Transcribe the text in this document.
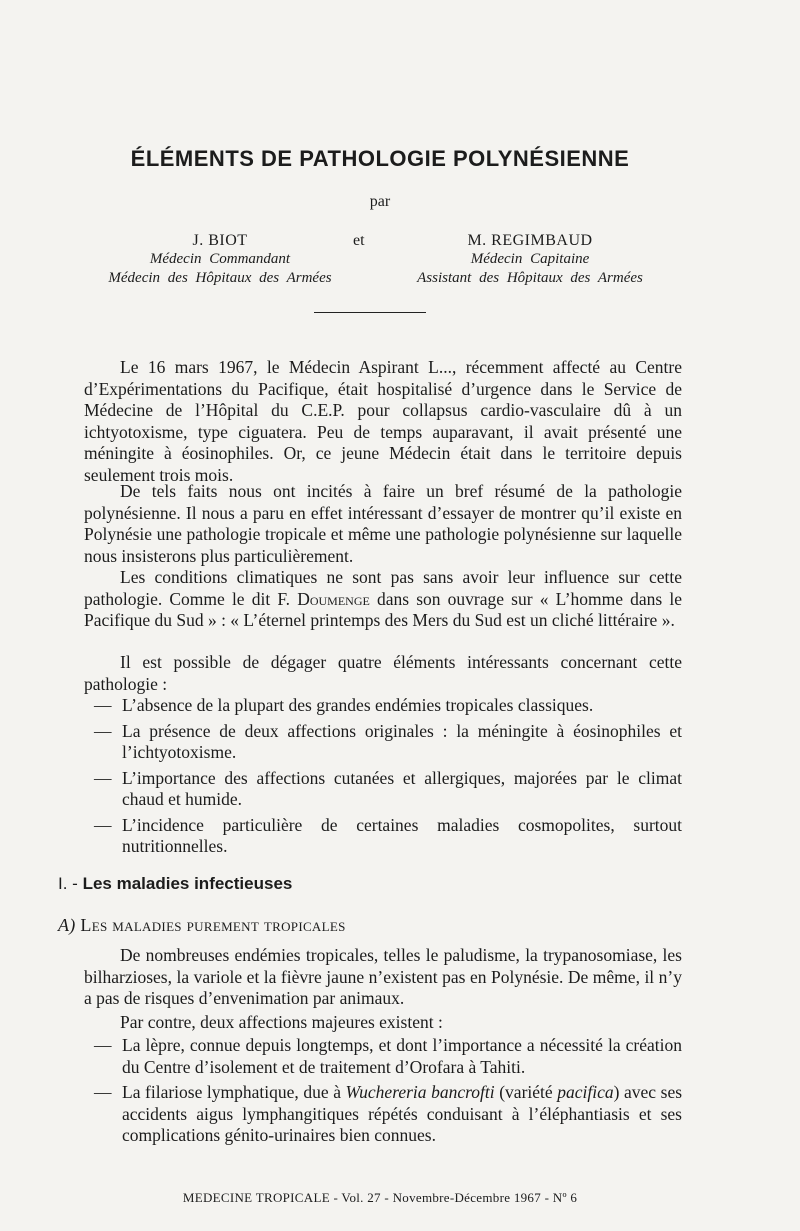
ÉLÉMENTS DE PATHOLOGIE POLYNÉSIENNE
par
J. BIOT
Médecin Commandant
Médecin des Hôpitaux des Armées
et	M. REGIMBAUD
Médecin Capitaine
Assistant des Hôpitaux des Armées

Le 16 mars 1967, le Médecin Aspirant L..., récemment affecté au Centre d’Expérimentations du Pacifique, était hospitalisé d’urgence dans le Service de Médecine de l’Hôpital du C.E.P. pour collapsus cardio-vasculaire dû à un ichtyotoxisme, type ciguatera. Peu de temps auparavant, il avait présenté une méningite à éosinophiles. Or, ce jeune Médecin était dans le territoire depuis seulement trois mois.

De tels faits nous ont incités à faire un bref résumé de la pathologie polynésienne. Il nous a paru en effet intéressant d’essayer de montrer qu’il existe en Polynésie une pathologie tropicale et même une pathologie polynésienne sur laquelle nous insisterons plus particulièrement.

Les conditions climatiques ne sont pas sans avoir leur influence sur cette pathologie. Comme le dit F. Doumenge dans son ouvrage sur « L’homme dans le Pacifique du Sud » : « L’éternel printemps des Mers du Sud est un cliché littéraire ».

Il est possible de dégager quatre éléments intéressants concernant cette pathologie :

— L’absence de la plupart des grandes endémies tropicales classiques.
— La présence de deux affections originales : la méningite à éosinophiles et l’ichtyotoxisme.
— L’importance des affections cutanées et allergiques, majorées par le climat chaud et humide.
— L’incidence particulière de certaines maladies cosmopolites, surtout nutritionnelles.
I. - Les maladies infectieuses
A) Les maladies purement tropicales

De nombreuses endémies tropicales, telles le paludisme, la trypanosomiase, les bilharzioses, la variole et la fièvre jaune n’existent pas en Polynésie. De même, il n’y a pas de risques d’envenimation par animaux.

Par contre, deux affections majeures existent :

— La lèpre, connue depuis longtemps, et dont l’importance a nécessité la création du Centre d’isolement et de traitement d’Orofara à Tahiti.
— La filariose lymphatique, due à Wuchereria bancrofti (variété pacifica) avec ses accidents aigus lymphangitiques répétés conduisant à l’éléphantiasis et ses complications génito-urinaires bien connues.
MEDECINE TROPICALE - Vol. 27 - Novembre-Décembre 1967 - Nº 6
